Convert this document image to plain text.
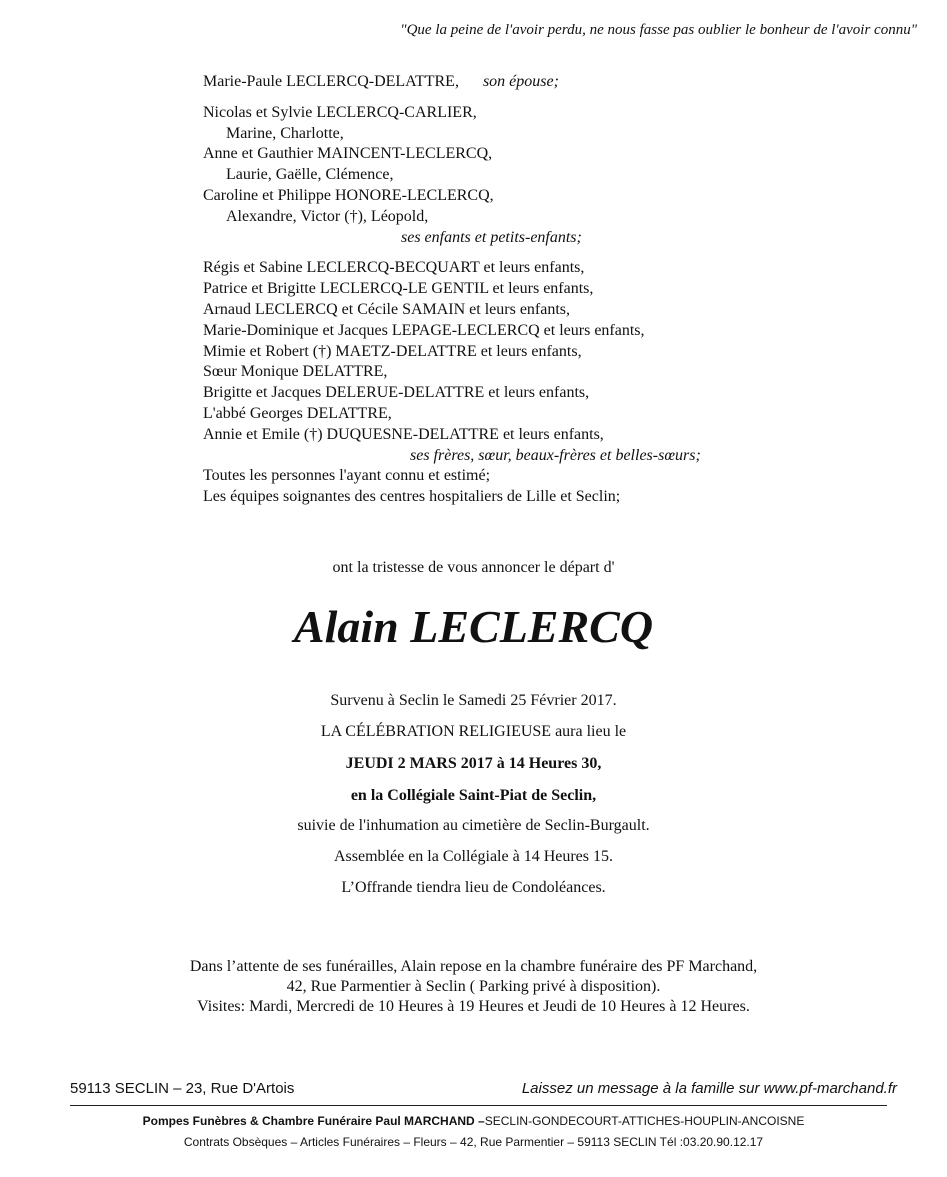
"Que la peine de l'avoir perdu, ne nous fasse pas oublier le bonheur de l'avoir connu"
Marie-Paule LECLERCQ-DELATTRE, son épouse;
Nicolas et Sylvie LECLERCQ-CARLIER,
Marine, Charlotte,
Anne et Gauthier MAINCENT-LECLERCQ,
Laurie, Gaëlle, Clémence,
Caroline et Philippe HONORE-LECLERCQ,
Alexandre, Victor (†), Léopold,
ses enfants et petits-enfants;
Régis et Sabine LECLERCQ-BECQUART et leurs enfants,
Patrice et Brigitte LECLERCQ-LE GENTIL et leurs enfants,
Arnaud LECLERCQ et Cécile SAMAIN et leurs enfants,
Marie-Dominique et Jacques LEPAGE-LECLERCQ et leurs enfants,
Mimie et Robert (†) MAETZ-DELATTRE et leurs enfants,
Sœur Monique DELATTRE,
Brigitte et Jacques DELERUE-DELATTRE et leurs enfants,
L'abbé Georges DELATTRE,
Annie et Emile (†) DUQUESNE-DELATTRE et leurs enfants,
ses frères, sœur, beaux-frères et belles-sœurs;
Toutes les personnes l'ayant connu et estimé;
Les équipes soignantes des centres hospitaliers de Lille et Seclin;
ont la tristesse de vous annoncer le départ d'
Alain LECLERCQ
Survenu à Seclin le Samedi 25 Février 2017.
LA CÉLÉBRATION RELIGIEUSE aura lieu le
JEUDI 2 MARS 2017 à 14 Heures 30,
en la Collégiale Saint-Piat de Seclin,
suivie de l'inhumation au cimetière de Seclin-Burgault.
Assemblée en la Collégiale à 14 Heures 15.
L’Offrande tiendra lieu de Condoléances.
Dans l’attente de ses funérailles, Alain repose en la chambre funéraire des PF Marchand,
42, Rue Parmentier à Seclin ( Parking privé à disposition).
Visites: Mardi, Mercredi de 10 Heures à 19 Heures et Jeudi de 10 Heures à 12 Heures.
59113 SECLIN – 23, Rue D'Artois	Laissez un message à la famille sur www.pf-marchand.fr
Pompes Funèbres & Chambre Funéraire Paul MARCHAND –SECLIN-GONDECOURT-ATTICHES-HOUPLIN-ANCOISNE
Contrats Obsèques – Articles Funéraires – Fleurs – 42, Rue Parmentier – 59113 SECLIN Tél :03.20.90.12.17
